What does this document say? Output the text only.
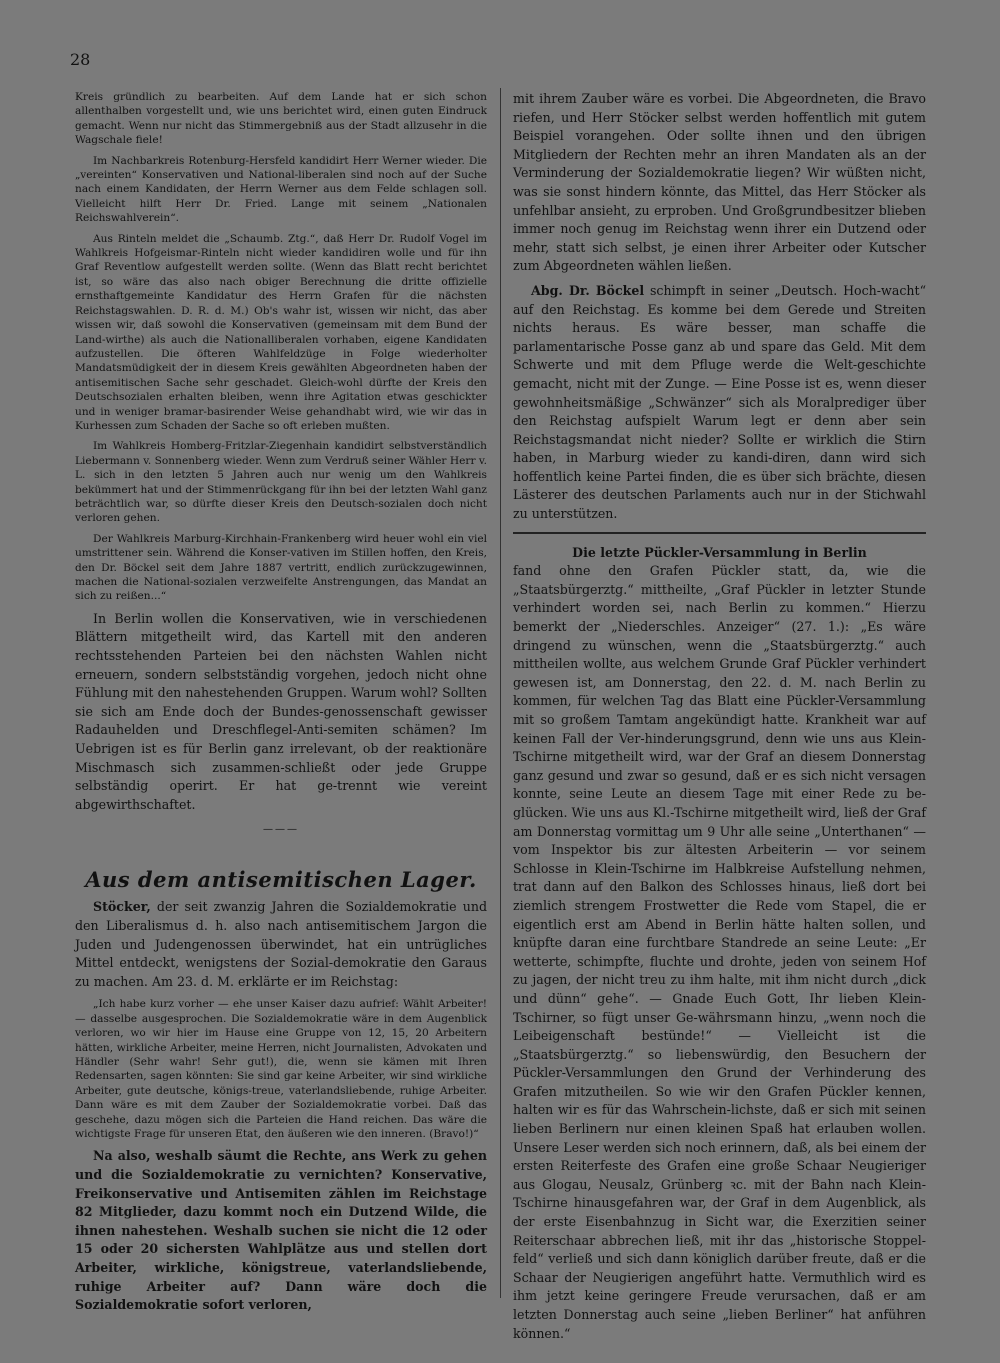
28

Kreis gründlich zu bearbeiten. Auf dem Lande hat er sich schon allenthalben vorgestellt und, wie uns berichtet wird, einen guten Eindruck gemacht. Wenn nur nicht das Stimmergebniß aus der Stadt allzusehr in die Wagschale fiele!

Im Nachbarkreis Rotenburg-Hersfeld kandidirt Herr Werner wieder. Die „vereinten“ Konservativen und National-liberalen sind noch auf der Suche nach einem Kandidaten, der Herrn Werner aus dem Felde schlagen soll. Vielleicht hilft Herr Dr. Fried. Lange mit seinem „Nationalen Reichswahlverein“.

Aus Rinteln meldet die „Schaumb. Ztg.“, daß Herr Dr. Rudolf Vogel im Wahlkreis Hofgeismar-Rinteln nicht wieder kandidiren wolle und für ihn Graf Reventlow aufgestellt werden sollte. (Wenn das Blatt recht berichtet ist, so wäre das also nach obiger Berechnung die dritte offizielle ernsthaftgemeinte Kandidatur des Herrn Grafen für die nächsten Reichstagswahlen. D. R. d. M.) Ob's wahr ist, wissen wir nicht, das aber wissen wir, daß sowohl die Konservativen (gemeinsam mit dem Bund der Land-wirthe) als auch die Nationalliberalen vorhaben, eigene Kandidaten aufzustellen. Die öfteren Wahlfeldzüge in Folge wiederholter Mandatsmüdigkeit der in diesem Kreis gewählten Abgeordneten haben der antisemitischen Sache sehr geschadet. Gleich-wohl dürfte der Kreis den Deutschsozialen erhalten bleiben, wenn ihre Agitation etwas geschickter und in weniger bramar-basirender Weise gehandhabt wird, wie wir das in Kurhessen zum Schaden der Sache so oft erleben mußten.

Im Wahlkreis Homberg-Fritzlar-Ziegenhain kandidirt selbstverständlich Liebermann v. Sonnenberg wieder. Wenn zum Verdruß seiner Wähler Herr v. L. sich in den letzten 5 Jahren auch nur wenig um den Wahlkreis bekümmert hat und der Stimmenrückgang für ihn bei der letzten Wahl ganz beträchtlich war, so dürfte dieser Kreis den Deutsch-sozialen doch nicht verloren gehen.

Der Wahlkreis Marburg-Kirchhain-Frankenberg wird heuer wohl ein viel umstrittener sein. Während die Konser-vativen im Stillen hoffen, den Kreis, den Dr. Böckel seit dem Jahre 1887 vertritt, endlich zurückzugewinnen, machen die National-sozialen verzweifelte Anstrengungen, das Mandat an sich zu reißen...“

In Berlin wollen die Konservativen, wie in verschiedenen Blättern mitgetheilt wird, das Kartell mit den anderen rechtsstehenden Parteien bei den nächsten Wahlen nicht erneuern, sondern selbstständig vorgehen, jedoch nicht ohne Fühlung mit den nahestehenden Gruppen. Warum wohl? Sollten sie sich am Ende doch der Bundes-genossenschaft gewisser Radauhelden und Dreschflegel-Anti-semiten schämen? Im Uebrigen ist es für Berlin ganz irrelevant, ob der reaktionäre Mischmasch sich zusammen-schließt oder jede Gruppe selbständig operirt. Er hat ge-trennt wie vereint abgewirthschaftet.

———
Aus dem antisemitischen Lager.

Stöcker, der seit zwanzig Jahren die Sozialdemokratie und den Liberalismus d. h. also nach antisemitischem Jargon die Juden und Judengenossen überwindet, hat ein untrügliches Mittel entdeckt, wenigstens der Sozial-demokratie den Garaus zu machen. Am 23. d. M. erklärte er im Reichstag:

„Ich habe kurz vorher — ehe unser Kaiser dazu aufrief: Wählt Arbeiter! — dasselbe ausgesprochen. Die Sozialdemokratie wäre in dem Augenblick verloren, wo wir hier im Hause eine Gruppe von 12, 15, 20 Arbeitern hätten, wirkliche Arbeiter, meine Herren, nicht Journalisten, Advokaten und Händler (Sehr wahr! Sehr gut!), die, wenn sie kämen mit Ihren Redensarten, sagen könnten: Sie sind gar keine Arbeiter, wir sind wirkliche Arbeiter, gute deutsche, königs-treue, vaterlandsliebende, ruhige Arbeiter. Dann wäre es mit dem Zauber der Sozialdemokratie vorbei. Daß das geschehe, dazu mögen sich die Parteien die Hand reichen. Das wäre die wichtigste Frage für unseren Etat, den äußeren wie den inneren. (Bravo!)“

Na also, weshalb säumt die Rechte, ans Werk zu gehen und die Sozialdemokratie zu vernichten? Konservative, Freikonservative und Antisemiten zählen im Reichstage 82 Mitglieder, dazu kommt noch ein Dutzend Wilde, die ihnen nahestehen. Weshalb suchen sie nicht die 12 oder 15 oder 20 sichersten Wahlplätze aus und stellen dort Arbeiter, wirkliche, königstreue, vaterlandsliebende, ruhige Arbeiter auf? Dann wäre doch die Sozialdemokratie sofort verloren,

mit ihrem Zauber wäre es vorbei. Die Abgeordneten, die Bravo riefen, und Herr Stöcker selbst werden hoffentlich mit gutem Beispiel vorangehen. Oder sollte ihnen und den übrigen Mitgliedern der Rechten mehr an ihren Mandaten als an der Verminderung der Sozialdemokratie liegen? Wir wüßten nicht, was sie sonst hindern könnte, das Mittel, das Herr Stöcker als unfehlbar ansieht, zu erproben. Und Großgrundbesitzer blieben immer noch genug im Reichstag wenn ihrer ein Dutzend oder mehr, statt sich selbst, je einen ihrer Arbeiter oder Kutscher zum Abgeordneten wählen ließen.

Abg. Dr. Böckel schimpft in seiner „Deutsch. Hoch-wacht“ auf den Reichstag. Es komme bei dem Gerede und Streiten nichts heraus. Es wäre besser, man schaffe die parlamentarische Posse ganz ab und spare das Geld. Mit dem Schwerte und mit dem Pfluge werde die Welt-geschichte gemacht, nicht mit der Zunge. — Eine Posse ist es, wenn dieser gewohnheitsmäßige „Schwänzer“ sich als Moralprediger über den Reichstag aufspielt Warum legt er denn aber sein Reichstagsmandat nicht nieder? Sollte er wirklich die Stirn haben, in Marburg wieder zu kandi-diren, dann wird sich hoffentlich keine Partei finden, die es über sich brächte, diesen Lästerer des deutschen Parlaments auch nur in der Stichwahl zu unterstützen.

Die letzte Pückler-Versammlung in Berlin

fand ohne den Grafen Pückler statt, da, wie die „Staatsbürgerztg.“ mittheilte, „Graf Pückler in letzter Stunde verhindert worden sei, nach Berlin zu kommen.“ Hierzu bemerkt der „Niederschles. Anzeiger“ (27. 1.): „Es wäre dringend zu wünschen, wenn die „Staatsbürgerztg.“ auch mittheilen wollte, aus welchem Grunde Graf Pückler verhindert gewesen ist, am Donnerstag, den 22. d. M. nach Berlin zu kommen, für welchen Tag das Blatt eine Pückler-Versammlung mit so großem Tamtam angekündigt hatte. Krankheit war auf keinen Fall der Ver-hinderungsgrund, denn wie uns aus Klein-Tschirne mitgetheilt wird, war der Graf an diesem Donnerstag ganz gesund und zwar so gesund, daß er es sich nicht versagen konnte, seine Leute an diesem Tage mit einer Rede zu be-glücken. Wie uns aus Kl.-Tschirne mitgetheilt wird, ließ der Graf am Donnerstag vormittag um 9 Uhr alle seine „Unterthanen“ — vom Inspektor bis zur ältesten Arbeiterin — vor seinem Schlosse in Klein-Tschirne im Halbkreise Aufstellung nehmen, trat dann auf den Balkon des Schlosses hinaus, ließ dort bei ziemlich strengem Frostwetter die Rede vom Stapel, die er eigentlich erst am Abend in Berlin hätte halten sollen, und knüpfte daran eine furchtbare Standrede an seine Leute: „Er wetterte, schimpfte, fluchte und drohte, jeden von seinem Hof zu jagen, der nicht treu zu ihm halte, mit ihm nicht durch „dick und dünn“ gehe“. — Gnade Euch Gott, Ihr lieben Klein-Tschirner, so fügt unser Ge-währsmann hinzu, „wenn noch die Leibeigenschaft bestünde!“ — Vielleicht ist die „Staatsbürgerztg.“ so liebenswürdig, den Besuchern der Pückler-Versammlungen den Grund der Verhinderung des Grafen mitzutheilen. So wie wir den Grafen Pückler kennen, halten wir es für das Wahrschein-lichste, daß er sich mit seinen lieben Berlinern nur einen kleinen Spaß hat erlauben wollen. Unsere Leser werden sich noch erinnern, daß, als bei einem der ersten Reiterfeste des Grafen eine große Schaar Neugieriger aus Glogau, Neusalz, Grünberg ꝛc. mit der Bahn nach Klein-Tschirne hinausgefahren war, der Graf in dem Augenblick, als der erste Eisenbahnzug in Sicht war, die Exerzitien seiner Reiterschaar abbrechen ließ, mit ihr das „historische Stoppel-feld“ verließ und sich dann königlich darüber freute, daß er die Schaar der Neugierigen angeführt hatte. Vermuthlich wird es ihm jetzt keine geringere Freude verursachen, daß er am letzten Donnerstag auch seine „lieben Berliner“ hat anführen können.“
